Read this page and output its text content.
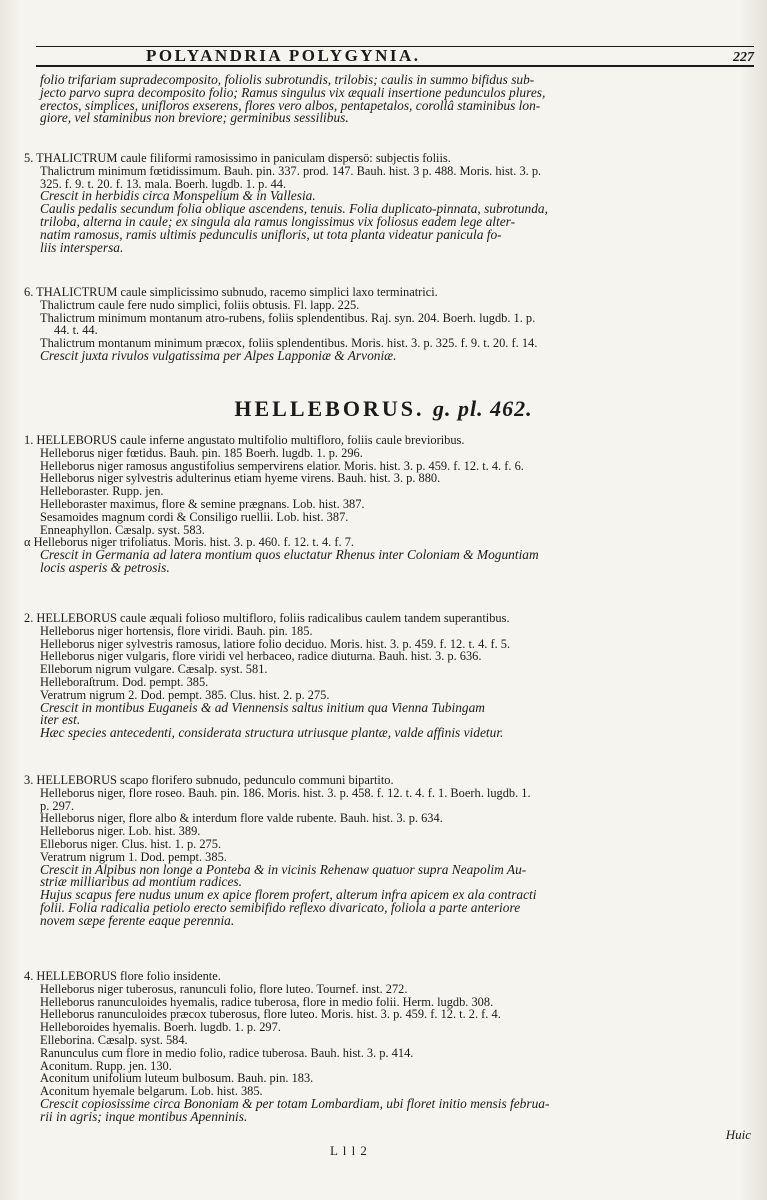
POLYANDRIA POLYGYNIA.	227
folio trifariam supradecomposito, foliolis subrotundis, trilobis; caulis in summo bifidus sub-
jecto parvo supra decomposito folio; Ramus singulus vix æquali insertione pedunculos plures,
erectos, simplices, unifloros exserens, flores vero albos, pentapetalos, corollâ staminibus lon-
giore, vel staminibus non breviore; germinibus sessilibus.
5. THALICTRUM caule filiformi ramosissimo in paniculam dispersö: subjectis foliis.
Thalictrum minimum fœtidissimum. Bauh. pin. 337. prod. 147. Bauh. hist. 3 p. 488. Moris. hist. 3. p.
325. f. 9. t. 20. f. 13. mala. Boerh. lugdb. 1. p. 44.
Crescit in herbidis circa Monspelium & in Vallesia.
Caulis pedalis secundum folia oblique ascendens, tenuis. Folia duplicato-pinnata, subrotunda,
triloba, alterna in caule; ex singula ala ramus longissimus vix foliosus eadem lege alter-
natim ramosus, ramis ultimis pedunculis unifloris, ut tota planta videatur panicula fo-
liis interspersa.
6. THALICTRUM caule simplicissimo subnudo, racemo simplici laxo terminatrici.
Thalictrum caule fere nudo simplici, foliis obtusis. Fl. lapp. 225.
Thalictrum minimum montanum atro-rubens, foliis splendentibus. Raj. syn. 204. Boerh. lugdb. 1. p.
44. t. 44.
Thalictrum montanum minimum præcox, foliis splendentibus. Moris. hist. 3. p. 325. f. 9. t. 20. f. 14.
Crescit juxta rivulos vulgatissima per Alpes Lapponiæ & Arvoniæ.
1. HELLEBORUS caule inferne angustato multifolio multifloro, foliis caule brevioribus.
Helleborus niger fœtidus. Bauh. pin. 185 Boerh. lugdb. 1. p. 296.
Helleborus niger ramosus angustifolius sempervirens elatior. Moris. hist. 3. p. 459. f. 12. t. 4. f. 6.
Helleborus niger sylvestris adulterinus etiam hyeme virens. Bauh. hist. 3. p. 880.
Helleboraster. Rupp. jen.
Helleboraster maximus, flore & semine prægnans. Lob. hist. 387.
Sesamoides magnum cordi & Consiligo ruellii. Lob. hist. 387.
Enneaphyllon. Cæsalp. syst. 583.
α Helleborus niger trifoliatus. Moris. hist. 3. p. 460. f. 12. t. 4. f. 7.
Crescit in Germania ad latera montium quos eluctatur Rhenus inter Coloniam & Moguntiam
locis asperis & petrosis.
2. HELLEBORUS caule æquali folioso multifloro, foliis radicalibus caulem tandem superantibus.
Helleborus niger hortensis, flore viridi. Bauh. pin. 185.
Helleborus niger sylvestris ramosus, latiore folio deciduo. Moris. hist. 3. p. 459. f. 12. t. 4. f. 5.
Helleborus niger vulgaris, flore viridi vel herbaceo, radice diuturna. Bauh. hist. 3. p. 636.
Elleborum nigrum vulgare. Cæsalp. syst. 581.
Helleboraſtrum. Dod. pempt. 385.
Veratrum nigrum 2. Dod. pempt. 385. Clus. hist. 2. p. 275.
Crescit in montibus Euganeis & ad Viennensis saltus initium qua Vienna Tubingam
iter est.
Hæc species antecedenti, considerata structura utriusque plantæ, valde affinis videtur.
3. HELLEBORUS scapo florifero subnudo, pedunculo communi bipartito.
Helleborus niger, flore roseo. Bauh. pin. 186. Moris. hist. 3. p. 458. f. 12. t. 4. f. 1. Boerh. lugdb. 1.
p. 297.
Helleborus niger, flore albo & interdum flore valde rubente. Bauh. hist. 3. p. 634.
Helleborus niger. Lob. hist. 389.
Elleborus niger. Clus. hist. 1. p. 275.
Veratrum nigrum 1. Dod. pempt. 385.
Crescit in Alpibus non longe a Ponteba & in vicinis Rehenaw quatuor supra Neapolim Au-
striæ milliaribus ad montium radices.
Hujus scapus fere nudus unum ex apice florem profert, alterum infra apicem ex ala contracti
folii. Folia radicalia petiolo erecto semibifido reflexo divaricato, foliola a parte anteriore
novem sæpe ferente eaque perennia.
4. HELLEBORUS flore folio insidente.
Helleborus niger tuberosus, ranunculi folio, flore luteo. Tournef. inst. 272.
Helleborus ranunculoides hyemalis, radice tuberosa, flore in medio folii. Herm. lugdb. 308.
Helleborus ranunculoides præcox tuberosus, flore luteo. Moris. hist. 3. p. 459. f. 12. t. 2. f. 4.
Helleboroides hyemalis. Boerh. lugdb. 1. p. 297.
Elleborina. Cæsalp. syst. 584.
Ranunculus cum flore in medio folio, radice tuberosa. Bauh. hist. 3. p. 414.
Aconitum. Rupp. jen. 130.
Aconitum unifolium luteum bulbosum. Bauh. pin. 183.
Aconitum hyemale belgarum. Lob. hist. 385.
Crescit copiosissime circa Bononiam & per totam Lombardiam, ubi floret initio mensis februa-
rii in agris; inque montibus Apenninis.
HELLEBORUS. g. pl. 462.
Huic
L l l 2
